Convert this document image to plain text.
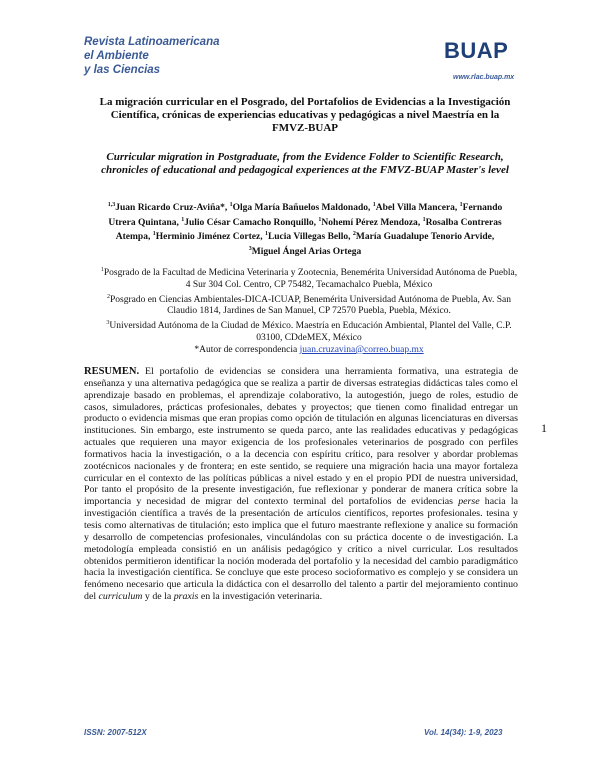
Revista Latinoamericana
el Ambiente
y las Ciencias
BUAP
www.rlac.buap.mx
La migración curricular en el Posgrado, del Portafolios de Evidencias a la Investigación Científica, crónicas de experiencias educativas y pedagógicas a nivel Maestría en la FMVZ-BUAP
Curricular migration in Postgraduate, from the Evidence Folder to Scientific Research, chronicles of educational and pedagogical experiences at the FMVZ-BUAP Master's level
$^{1,3}$Juan Ricardo Cruz-Aviña*, $^1$Olga María Bañuelos Maldonado, $^1$Abel Villa Mancera, $^1$Fernando Utrera Quintana, $^1$Julio César Camacho Ronquillo, $^1$Nohemí Pérez Mendoza, $^1$Rosalba Contreras Atempa, $^1$Herminio Jiménez Cortez, $^1$Lucia Villegas Bello, $^2$María Guadalupe Tenorio Arvide, $^3$Miguel Ángel Arias Ortega
$^1$Posgrado de la Facultad de Medicina Veterinaria y Zootecnia, Benemérita Universidad Autónoma de Puebla, 4 Sur 304 Col. Centro, CP 75482, Tecamachalco Puebla, México
$^2$Posgrado en Ciencias Ambientales-DICA-ICUAP, Benemérita Universidad Autónoma de Puebla, Av. San Claudio 1814, Jardines de San Manuel, CP 72570 Puebla, Puebla, México.
$^3$Universidad Autónoma de la Ciudad de México. Maestría en Educación Ambiental, Plantel del Valle, C.P. 03100, CDdeMEX, México
*Autor de correspondencia juan.cruzavina@correo.buap.mx
1
RESUMEN. El portafolio de evidencias se considera una herramienta formativa, una estrategia de enseñanza y una alternativa pedagógica que se realiza a partir de diversas estrategias didácticas tales como el aprendizaje basado en problemas, el aprendizaje colaborativo, la autogestión, juego de roles, estudio de casos, simuladores, prácticas profesionales, debates y proyectos; que tienen como finalidad entregar un producto o evidencia mismas que eran propias como opción de titulación en algunas licenciaturas en diversas instituciones. Sin embargo, este instrumento se queda parco, ante las realidades educativas y pedagógicas actuales que requieren una mayor exigencia de los profesionales veterinarios de posgrado con perfiles formativos hacia la investigación, o a la decencia con espíritu crítico, para resolver y abordar problemas zootécnicos nacionales y de frontera; en este sentido, se requiere una migración hacia una mayor fortaleza curricular en el contexto de las políticas públicas a nivel estado y en el propio PDI de nuestra universidad, Por tanto el propósito de la presente investigación, fue reflexionar y ponderar de manera crítica sobre la importancia y necesidad de migrar del contexto terminal del portafolios de evidencias perse hacia la investigación científica a través de la presentación de artículos científicos, reportes profesionales. tesina y tesis como alternativas de titulación; esto implica que el futuro maestrante reflexione y analice su formación y desarrollo de competencias profesionales, vinculándolas con su práctica docente o de investigación. La metodología empleada consistió en un análisis pedagógico y crítico a nivel curricular. Los resultados obtenidos permitieron identificar la noción moderada del portafolio y la necesidad del cambio paradigmático hacia la investigación científica. Se concluye que este proceso socioformativo es complejo y se considera un fenómeno necesario que articula la didáctica con el desarrollo del talento a partir del mejoramiento continuo del curriculum y de la praxis en la investigación veterinaria.
ISSN: 2007-512X	Vol. 14(34): 1-9, 2023
